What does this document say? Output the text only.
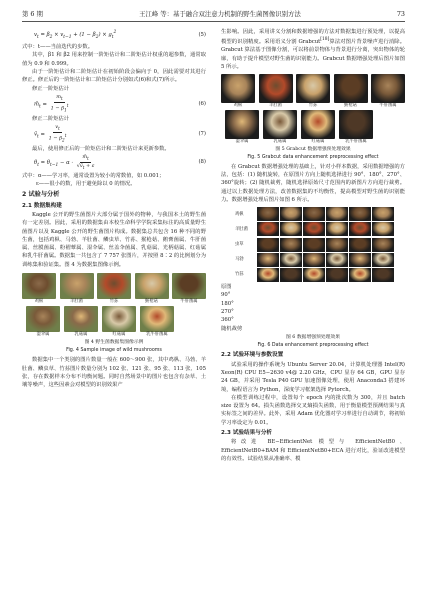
第 6 期	王江峰 等：基于融合双注意力机制的野生菌图像识别方法	73
$v_t = \beta_2 \times v_{t-1} + (1 - \beta_2) \times g_t^2$	(5)
式中：t——当前迭代的步数。
其中，β1 和 β2 用来控制一阶矩估计和二阶矩估计权重的超参数，通常取值为 0.9 和 0.999。
由于一阶矩估计和二阶矩估计在初始阶段会偏向于 0，因此需要对其进行修正。修正后的一阶矩估计和二阶矩估计分别如式(6)和式(7)所示。
修正一阶矩估计
$m̂_t = \frac{m_t}{1 - \beta_1^t}$	(6)
修正二阶矩估计
$v̂_t = \frac{v_t}{1 - \beta_2^t}$	(7)
最后，使用修正后的一阶矩估计和二阶矩估计来更新参数。
$\theta_t = \theta_{t-1} - \alpha \cdot \frac{m̂_t}{√v̂_t + \varepsilon}$	(8)
式中：α——学习率，通常设置为较小的常数值，如 0.001；
ε——很小的数，用于避免除以 0 的情况。
2 试验与分析
2.1 数据集构建
Kaggle 公开的野生菌图片大部分属于国外的物种，与我国本土的野生菌有一定差别。因此，采用的数据集由本校生命科学学院采集标注的高质量野生菌图片以及 Kaggle 公开的野生菌图片构成。数据集总共包含 16 种不同的野生菌，包括鸡枞、马勃、羊肚菌、鳞虫草、竹荪、猴枪菇、鹅膏菌属、牛肝菌属、丝膜菌属、粉褶蕈属、湿伞属、丝盖伞菌属、乳菇属、光柄菇属、红菇属和乳牛肝菌属。数据集一共包含了 7 757 张图片，并按照 8∶2 的比例划分为训练集和验证集。图 4 为数据集图像示例。
鸡枞	羊肚菌	竹荪	猴枪菇	牛肝菌属
湿伞属	乳菇属	红菇属	乳牛肝菌属
图 4 野生菌数据集图像示例
Fig. 4 Sample image of wild mushrooms
数据集中一个类别的图片数量一般在 600～900 张，其中鸡枞、马勃、羊肚菌、鳞虫草、竹荪图片数量分别为 102 张、121 张、95 张、113 张、105 张，存在数据样本分布不均衡问题。同时自然场景中的图片也包含有杂草、土壤等噪声，这些因素会对模型的识别效果产
生影响。因此，采用讲义分割和数据增强的方法对数据集进行预处理，以提高模型的识别精度。采用语义分割 Grabcut[18]算法对图片背景噪声进行消除。Grabcut 算法基于图像分割，可以将前景物体与背景进行分离，突出物体的轮廓，有助于提升模型对野生菌的识别能力。Grabcut 数据增强处理后图片如图 5 所示。
鸡枞	羊肚菌	竹荪	猴枪菇	牛肝菌属
湿伞属	乳菇属	红菇属	乳牛肝菌属
图 5 Grabcut 数据增强预处理效果
Fig. 5 Grabcut data enhancement preprocessing effect
在 Grabcut 数据增强处理的基础上，针对小样本数据，采用数据增强的方法，包括：(1) 随机旋转，在原图片方向上随机选择进行 90°、180°、270°、360°旋转；(2) 随机裁剪，随机选择原始尺寸范围内的新图片方向进行裁剪。通过以上数据处理方法，改善数据集的不均衡性，提高模型对野生菌的识别能力。数据增强处理后图片如图 6 所示。
鸡枞
羊肚菌
虫草
马勃
竹荪
原图
90°
180°
270°
360°
随机裁剪
图 6 数据增强预处理效果
Fig. 6 Data enhancement preprocessing effect
2.2 试验环境与参数设置
试验采用的操作系统为 Ubuntu Server 20.04，计算机处理器 Intel(R) Xeon(R) CPU E5−2630 v4@ 2.20 GHz，CPU 显存 64 GB，GPU 显存 24 GB，并采用 Tesla P40 GPU 加速图像处理，使用 Anaconda3 搭建环境，编程语言为 Python，深度学习框架选择 Pytorch。
在模型训练过程中，设置每个 epoch 内的批次数为 300，并且 batch size 设置为 64。损失函数选择交叉熵损失函数，用于衡量模型预测结果与真实标签之间的差异。此外，采用 Adam 优化器对学习率进行自动调节，将初始学习率设定为 0.01。
2.3 试验结果与分析
将改进 BE−EfficientNet 模型与 EfficientNetB0、EfficientNetB0+BAM 和 EfficientNetB0+ECA 进行对比，验证改进模型的有效性。试验结果从准确率、模
